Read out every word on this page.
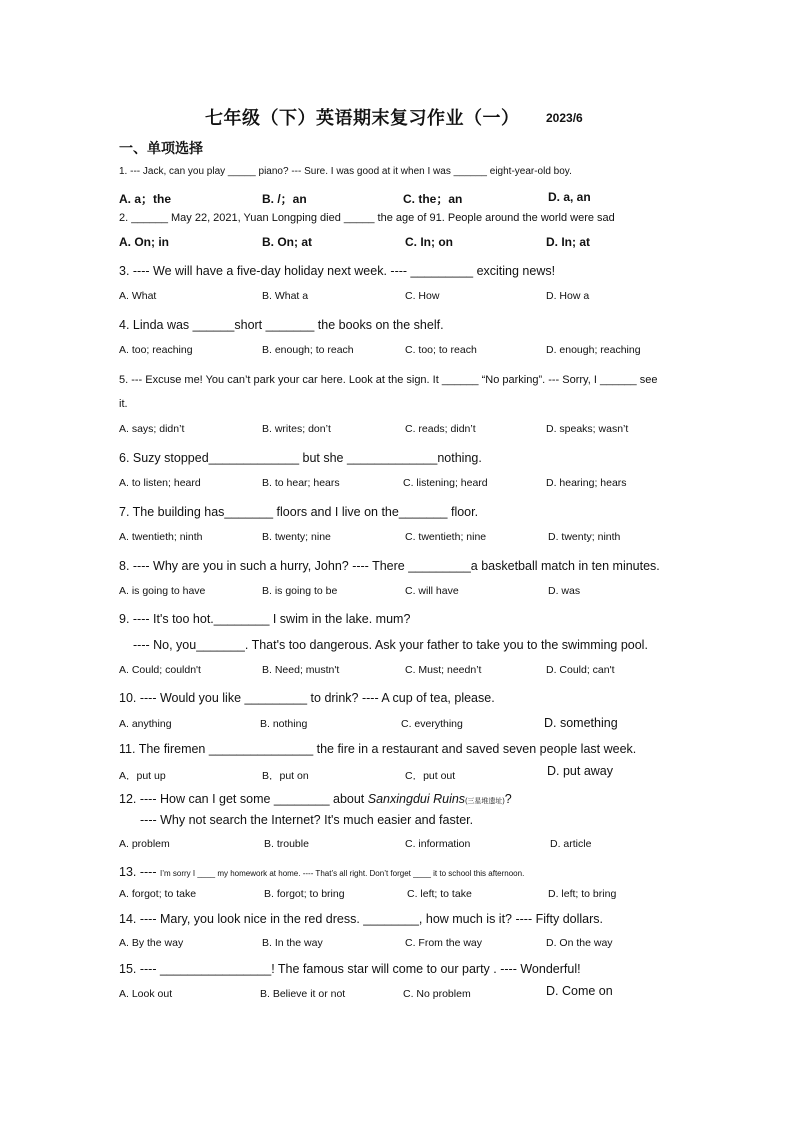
七年级（下）英语期末复习作业（一） 2023/6
一、单项选择
1. --- Jack, can you play _____ piano? --- Sure. I was good at it when I was ______ eight-year-old boy.
A. a；the	B. /；an	C. the；an	D. a, an
2. ______ May 22, 2021, Yuan Longping died _____ the age of 91. People around the world were sad
A. On; in	B. On; at	C. In; on	D. In; at
3. ---- We will have a five-day holiday next week. ---- _________ exciting news!
A. What	B. What a	C. How	D. How a
4. Linda was ______short _______ the books on the shelf.
A. too; reaching	B. enough; to reach	C. too; to reach	D. enough; reaching
5. --- Excuse me! You can’t park your car here. Look at the sign. It ______ “No parking”. --- Sorry, I ______ see
it.
A. says; didn’t	B. writes; don’t	C. reads; didn’t	D. speaks; wasn’t
6. Suzy stopped_____________ but she _____________nothing.
A. to listen; heard	B. to hear; hears	C. listening; heard	D. hearing; hears
7. The building has_______ floors and I live on the_______ floor.
A. twentieth; ninth	B. twenty; nine	C. twentieth; nine	D. twenty; ninth
8. ---- Why are you in such a hurry, John? ---- There _________a basketball match in ten minutes.
A. is going to have	B. is going to be	C. will have	D. was
9. ---- It's too hot.________ I swim in the lake. mum?
---- No, you_______. That's too dangerous. Ask your father to take you to the swimming pool.
A. Could; couldn't	B. Need; mustn't	C. Must; needn’t	D. Could; can't
10. ---- Would you like _________ to drink? ---- A cup of tea, please.
A. anything	B. nothing	C. everything	D. something
11. The firemen _______________ the fire in a restaurant and saved seven people last week.
A．put up	B．put on	C．put out	D. put away
12. ---- How can I get some ________ about Sanxingdui Ruins(三星堆遗址)?
---- Why not search the Internet? It's much easier and faster.
A. problem	B. trouble	C. information	D. article
13. ---- I’m sorry I ____ my homework at home. ---- That’s all right. Don’t forget ____ it to school this afternoon.
A. forgot; to take	B. forgot; to bring	C. left; to take	D. left; to bring
14. ---- Mary, you look nice in the red dress. ________, how much is it? ---- Fifty dollars.
A. By the way	B. In the way	C. From the way	D. On the way
15. ---- ________________! The famous star will come to our party . ---- Wonderful!
A. Look out	B. Believe it or not	C. No problem	D. Come on
